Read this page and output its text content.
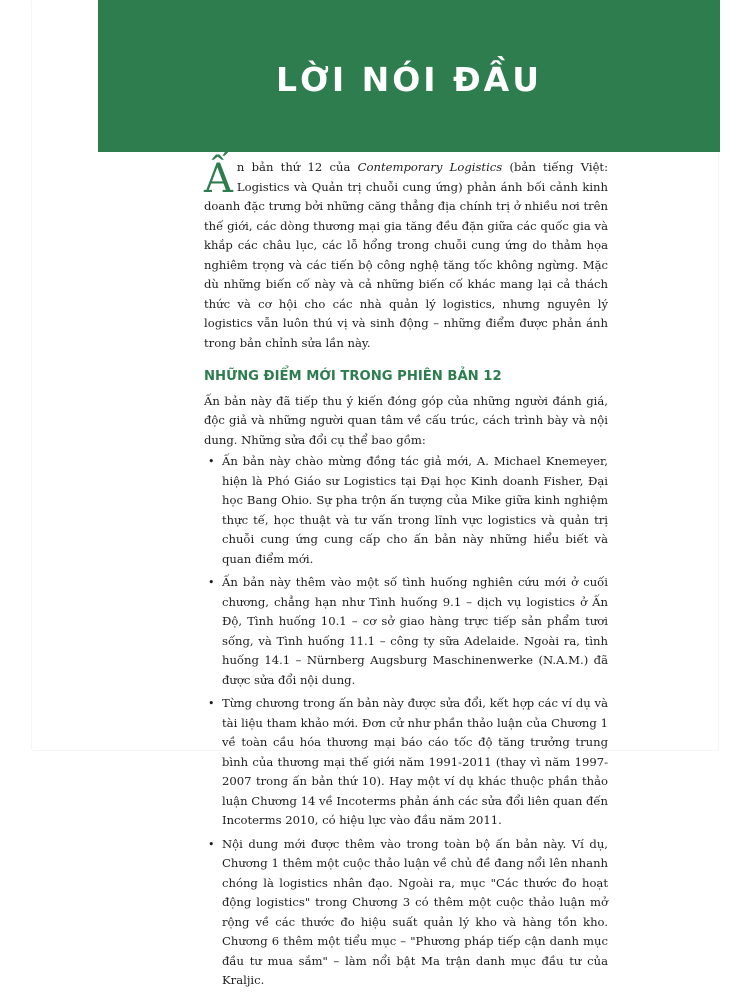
LỜI NÓI ĐẦU

Ấn bản thứ 12 của Contemporary Logistics (bản tiếng Việt: Logistics và Quản trị chuỗi cung ứng) phản ánh bối cảnh kinh doanh đặc trưng bởi những căng thẳng địa chính trị ở nhiều nơi trên thế giới, các dòng thương mại gia tăng đều đặn giữa các quốc gia và khắp các châu lục, các lỗ hổng trong chuỗi cung ứng do thảm họa nghiêm trọng và các tiến bộ công nghệ tăng tốc không ngừng. Mặc dù những biến cố này và cả những biến cố khác mang lại cả thách thức và cơ hội cho các nhà quản lý logistics, nhưng nguyên lý logistics vẫn luôn thú vị và sinh động – những điểm được phản ánh trong bản chỉnh sửa lần này.

NHỮNG ĐIỂM MỚI TRONG PHIÊN BẢN 12

Ấn bản này đã tiếp thu ý kiến đóng góp của những người đánh giá, độc giả và những người quan tâm về cấu trúc, cách trình bày và nội dung. Những sửa đổi cụ thể bao gồm:

• Ấn bản này chào mừng đồng tác giả mới, A. Michael Knemeyer, hiện là Phó Giáo sư Logistics tại Đại học Kinh doanh Fisher, Đại học Bang Ohio. Sự pha trộn ấn tượng của Mike giữa kinh nghiệm thực tế, học thuật và tư vấn trong lĩnh vực logistics và quản trị chuỗi cung ứng cung cấp cho ấn bản này những hiểu biết và quan điểm mới.
• Ấn bản này thêm vào một số tình huống nghiên cứu mới ở cuối chương, chẳng hạn như Tình huống 9.1 – dịch vụ logistics ở Ấn Độ, Tình huống 10.1 – cơ sở giao hàng trực tiếp sản phẩm tươi sống, và Tình huống 11.1 – công ty sữa Adelaide. Ngoài ra, tình huống 14.1 – Nürnberg Augsburg Maschinenwerke (N.A.M.) đã được sửa đổi nội dung.
• Từng chương trong ấn bản này được sửa đổi, kết hợp các ví dụ và tài liệu tham khảo mới. Đơn cử như phần thảo luận của Chương 1 về toàn cầu hóa thương mại báo cáo tốc độ tăng trưởng trung bình của thương mại thế giới năm 1991-2011 (thay vì năm 1997-2007 trong ấn bản thứ 10). Hay một ví dụ khác thuộc phần thảo luận Chương 14 về Incoterms phản ánh các sửa đổi liên quan đến Incoterms 2010, có hiệu lực vào đầu năm 2011.
• Nội dung mới được thêm vào trong toàn bộ ấn bản này. Ví dụ, Chương 1 thêm một cuộc thảo luận về chủ đề đang nổi lên nhanh chóng là logistics nhân đạo. Ngoài ra, mục "Các thước đo hoạt động logistics" trong Chương 3 có thêm một cuộc thảo luận mở rộng về các thước đo hiệu suất quản lý kho và hàng tồn kho. Chương 6 thêm một tiểu mục – "Phương pháp tiếp cận danh mục đầu tư mua sắm" – làm nổi bật Ma trận danh mục đầu tư của Kraljic.
